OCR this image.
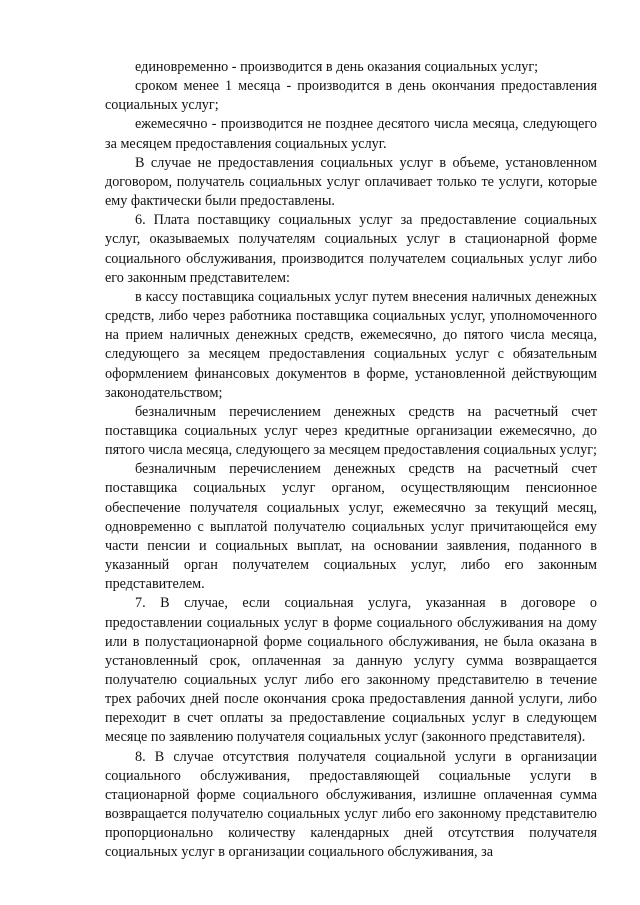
единовременно - производится в день оказания социальных услуг;

сроком менее 1 месяца - производится в день окончания предоставления социальных услуг;

ежемесячно - производится не позднее десятого числа месяца, следующего за месяцем предоставления социальных услуг.

В случае не предоставления социальных услуг в объеме, установленном договором, получатель социальных услуг оплачивает только те услуги, которые ему фактически были предоставлены.

6. Плата поставщику социальных услуг за предоставление социальных услуг, оказываемых получателям социальных услуг в стационарной форме социального обслуживания, производится получателем социальных услуг либо его законным представителем:

в кассу поставщика социальных услуг путем внесения наличных денежных средств, либо через работника поставщика социальных услуг, уполномоченного на прием наличных денежных средств, ежемесячно, до пятого числа месяца, следующего за месяцем предоставления социальных услуг с обязательным оформлением финансовых документов в форме, установленной действующим законодательством;

безналичным перечислением денежных средств на расчетный счет поставщика социальных услуг через кредитные организации ежемесячно, до пятого числа месяца, следующего за месяцем предоставления социальных услуг;

безналичным перечислением денежных средств на расчетный счет поставщика социальных услуг органом, осуществляющим пенсионное обеспечение получателя социальных услуг, ежемесячно за текущий месяц, одновременно с выплатой получателю социальных услуг причитающейся ему части пенсии и социальных выплат, на основании заявления, поданного в указанный орган получателем социальных услуг, либо его законным представителем.

7. В случае, если социальная услуга, указанная в договоре о предоставлении социальных услуг в форме социального обслуживания на дому или в полустационарной форме социального обслуживания, не была оказана в установленный срок, оплаченная за данную услугу сумма возвращается получателю социальных услуг либо его законному представителю в течение трех рабочих дней после окончания срока предоставления данной услуги, либо переходит в счет оплаты за предоставление социальных услуг в следующем месяце по заявлению получателя социальных услуг (законного представителя).

8. В случае отсутствия получателя социальной услуги в организации социального обслуживания, предоставляющей социальные услуги в стационарной форме социального обслуживания, излишне оплаченная сумма возвращается получателю социальных услуг либо его законному представителю пропорционально количеству календарных дней отсутствия получателя социальных услуг в организации социального обслуживания, за
